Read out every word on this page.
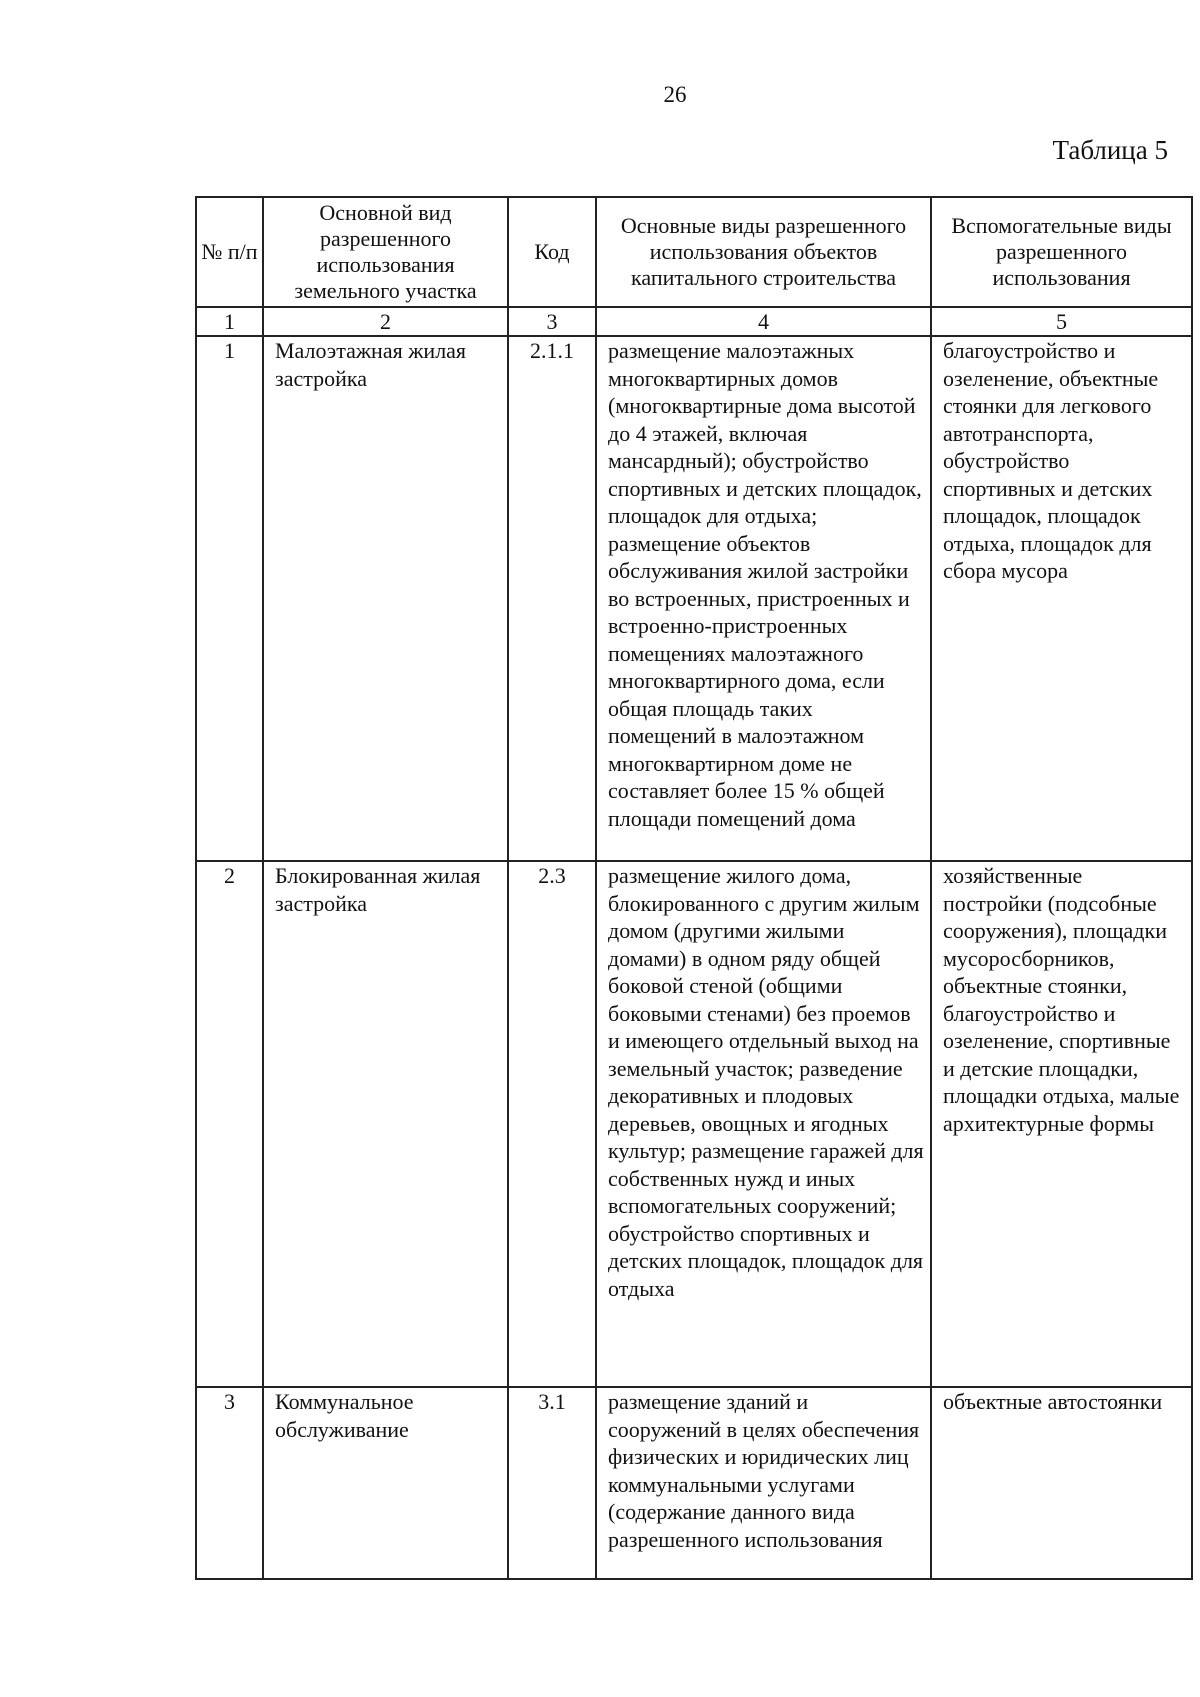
26
Таблица 5
№ п/п	Основной вид разрешенного использования земельного участка	Код	Основные виды разрешенного использования объектов капитального строительства	Вспомогательные виды разрешенного использования
1	2	3	4	5
1	Малоэтажная жилая застройка	2.1.1	размещение малоэтажных многоквартирных домов (многоквартирные дома высотой до 4 этажей, включая мансардный); обустройство спортивных и детских площадок, площадок для отдыха; размещение объектов обслуживания жилой застройки во встроенных, пристроенных и встроенно-пристроенных помещениях малоэтажного многоквартирного дома, если общая площадь таких помещений в малоэтажном многоквартирном доме не составляет более 15 % общей площади помещений дома	благоустройство и озеленение, объектные стоянки для легкового автотранспорта, обустройство спортивных и детских площадок, площадок отдыха, площадок для сбора мусора
2	Блокированная жилая застройка	2.3	размещение жилого дома, блокированного с другим жилым домом (другими жилыми домами) в одном ряду общей боковой стеной (общими боковыми стенами) без проемов и имеющего отдельный выход на земельный участок; разведение декоративных и плодовых деревьев, овощных и ягодных культур; размещение гаражей для собственных нужд и иных вспомогательных сооружений; обустройство спортивных и детских площадок, площадок для отдыха	хозяйственные постройки (подсобные сооружения), площадки мусоросборников, объектные стоянки, благоустройство и озеленение, спортивные и детские площадки, площадки отдыха, малые архитектурные формы
3	Коммунальное обслуживание	3.1	размещение зданий и сооружений в целях обеспечения физических и юридических лиц коммунальными услугами (содержание данного вида разрешенного использования	объектные автостоянки
